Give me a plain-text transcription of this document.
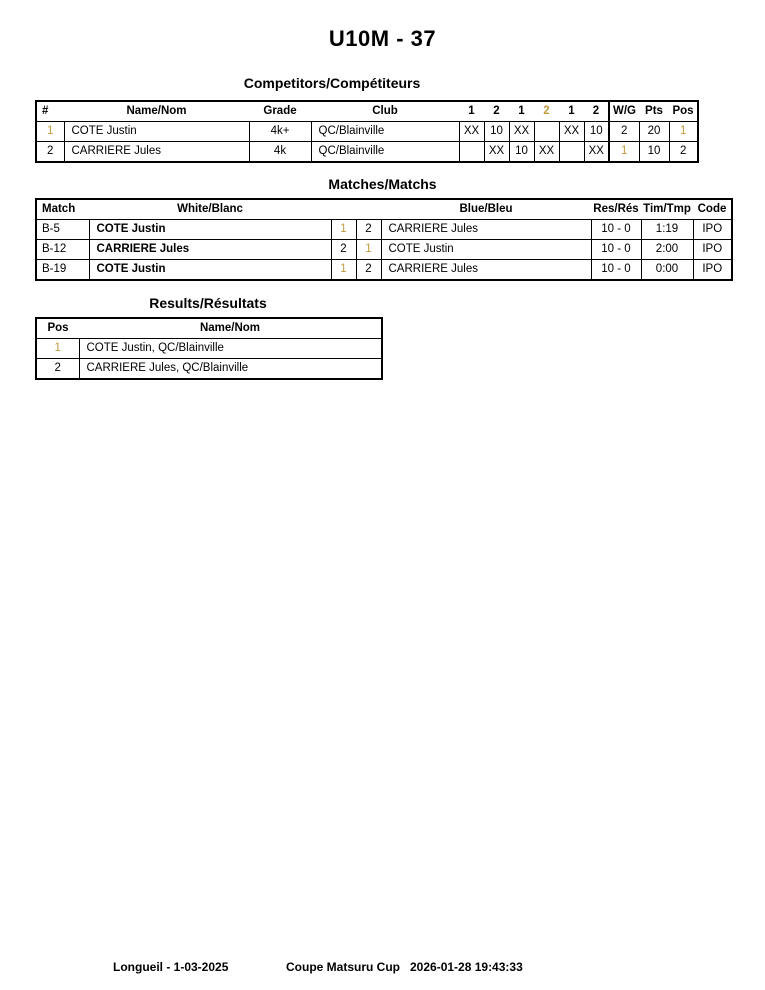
U10M - 37
Competitors/Compétiteurs
#	Name/Nom	Grade	Club	1	2	1	2	1	2	W/G	Pts	Pos
1	COTE Justin	4k+	QC/Blainville	XX	10	XX		XX	10	2	20	1
2	CARRIERE Jules	4k	QC/Blainville		XX	10	XX		XX	1	10	2
Matches/Matchs
Match	White/Blanc			Blue/Bleu	Res/Rés	Tim/Tmp	Code
B-5	COTE Justin	1	2	CARRIERE Jules	10 - 0	1:19	IPO
B-12	CARRIERE Jules	2	1	COTE Justin	10 - 0	2:00	IPO
B-19	COTE Justin	1	2	CARRIERE Jules	10 - 0	0:00	IPO
Results/Résultats
Pos	Name/Nom
1	COTE Justin, QC/Blainville
2	CARRIERE Jules, QC/Blainville
Longueil - 1-03-2025	Coupe Matsuru Cup 2026-01-28 19:43:33
